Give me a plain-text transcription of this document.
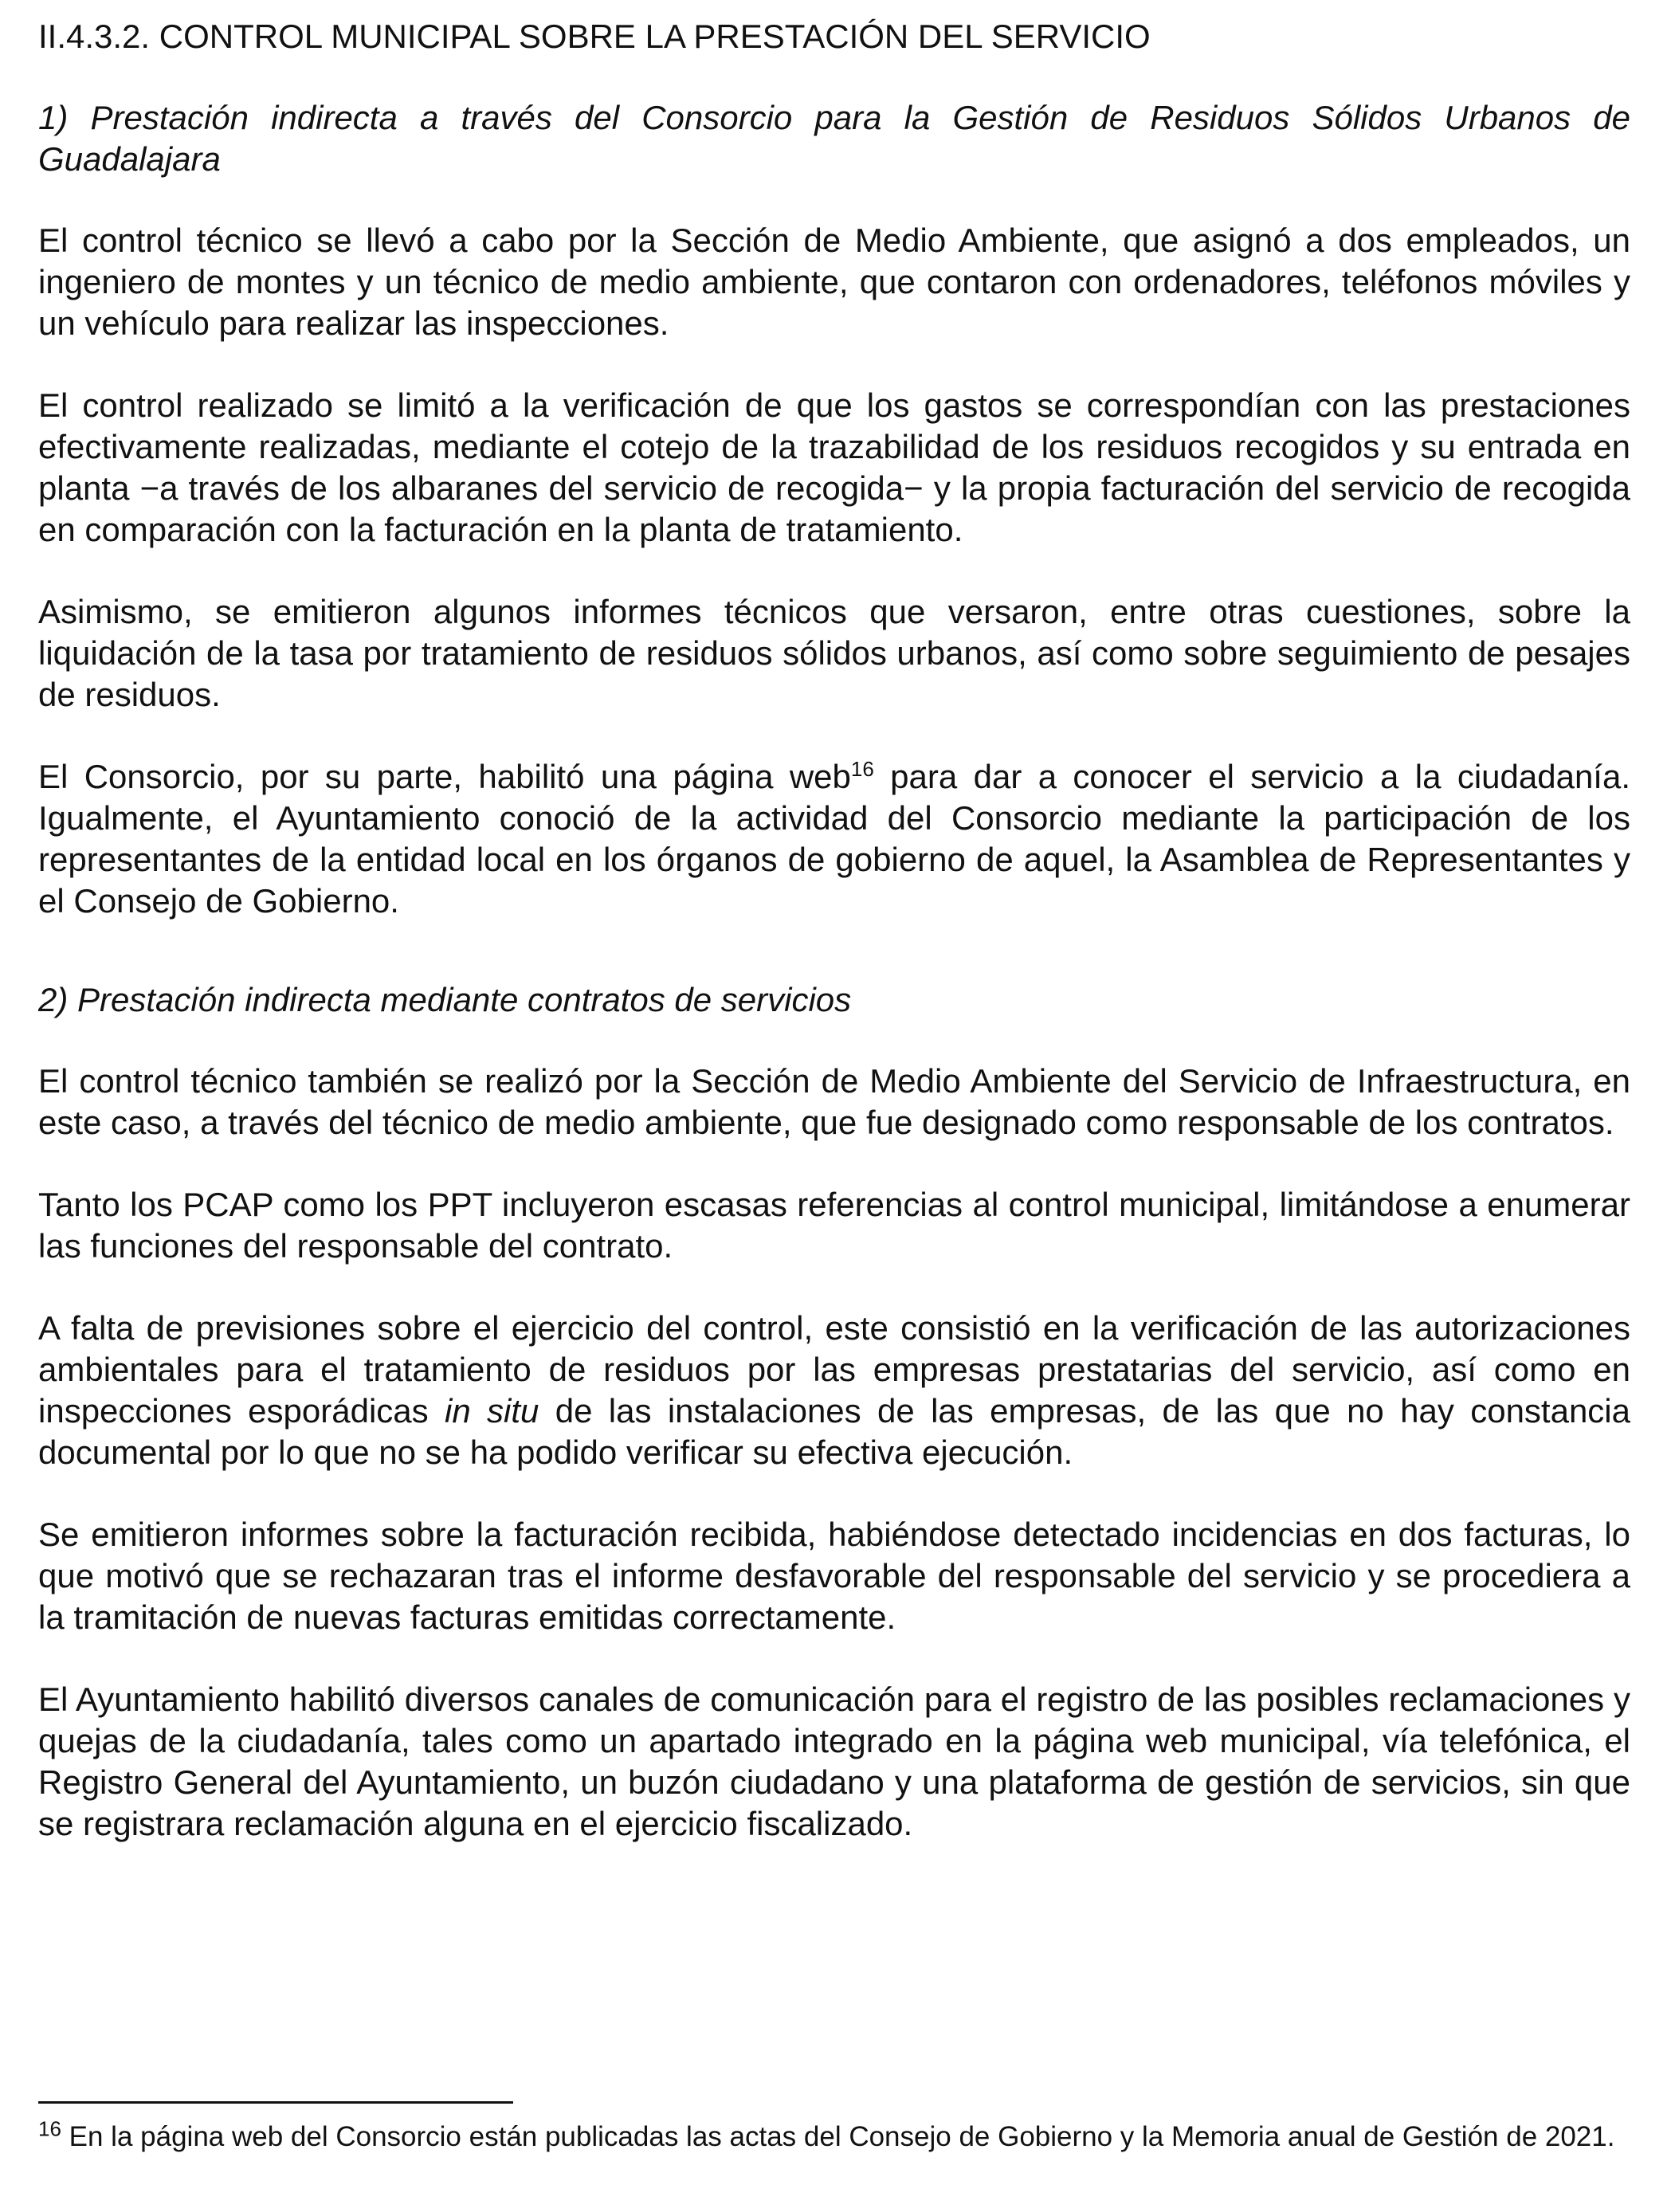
II.4.3.2. CONTROL MUNICIPAL SOBRE LA PRESTACIÓN DEL SERVICIO
1) Prestación indirecta a través del Consorcio para la Gestión de Residuos Sólidos Urbanos de Guadalajara

El control técnico se llevó a cabo por la Sección de Medio Ambiente, que asignó a dos empleados, un ingeniero de montes y un técnico de medio ambiente, que contaron con ordenadores, teléfonos móviles y un vehículo para realizar las inspecciones.

El control realizado se limitó a la verificación de que los gastos se correspondían con las prestaciones efectivamente realizadas, mediante el cotejo de la trazabilidad de los residuos recogidos y su entrada en planta −a través de los albaranes del servicio de recogida− y la propia facturación del servicio de recogida en comparación con la facturación en la planta de tratamiento.

Asimismo, se emitieron algunos informes técnicos que versaron, entre otras cuestiones, sobre la liquidación de la tasa por tratamiento de residuos sólidos urbanos, así como sobre seguimiento de pesajes de residuos.

El Consorcio, por su parte, habilitó una página web$^{16}$ para dar a conocer el servicio a la ciudadanía. Igualmente, el Ayuntamiento conoció de la actividad del Consorcio mediante la participación de los representantes de la entidad local en los órganos de gobierno de aquel, la Asamblea de Representantes y el Consejo de Gobierno.

2) Prestación indirecta mediante contratos de servicios

El control técnico también se realizó por la Sección de Medio Ambiente del Servicio de Infraestructura, en este caso, a través del técnico de medio ambiente, que fue designado como responsable de los contratos.

Tanto los PCAP como los PPT incluyeron escasas referencias al control municipal, limitándose a enumerar las funciones del responsable del contrato.

A falta de previsiones sobre el ejercicio del control, este consistió en la verificación de las autorizaciones ambientales para el tratamiento de residuos por las empresas prestatarias del servicio, así como en inspecciones esporádicas in situ de las instalaciones de las empresas, de las que no hay constancia documental por lo que no se ha podido verificar su efectiva ejecución.

Se emitieron informes sobre la facturación recibida, habiéndose detectado incidencias en dos facturas, lo que motivó que se rechazaran tras el informe desfavorable del responsable del servicio y se procediera a la tramitación de nuevas facturas emitidas correctamente.

El Ayuntamiento habilitó diversos canales de comunicación para el registro de las posibles reclamaciones y quejas de la ciudadanía, tales como un apartado integrado en la página web municipal, vía telefónica, el Registro General del Ayuntamiento, un buzón ciudadano y una plataforma de gestión de servicios, sin que se registrara reclamación alguna en el ejercicio fiscalizado.

$^{16}$ En la página web del Consorcio están publicadas las actas del Consejo de Gobierno y la Memoria anual de Gestión de 2021.
